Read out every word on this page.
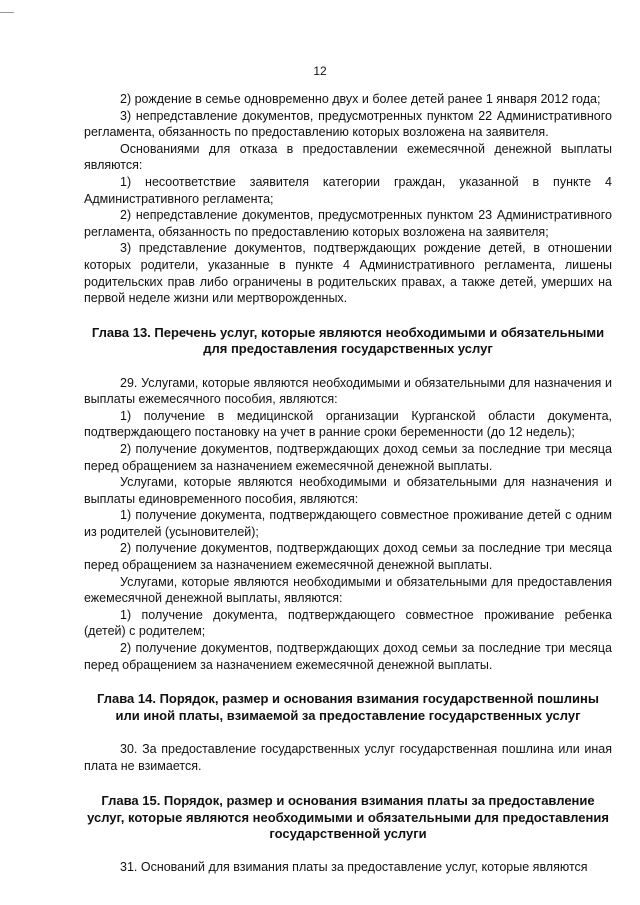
12

2) рождение в семье одновременно двух и более детей ранее 1 января 2012 года;

3) непредставление документов, предусмотренных пунктом 22 Административного регламента, обязанность по предоставлению которых возложена на заявителя.

Основаниями для отказа в предоставлении ежемесячной денежной выплаты являются:

1) несоответствие заявителя категории граждан, указанной в пункте 4 Административного регламента;

2) непредставление документов, предусмотренных пунктом 23 Административного регламента, обязанность по предоставлению которых возложена на заявителя;

3) представление документов, подтверждающих рождение детей, в отношении которых родители, указанные в пункте 4 Административного регламента, лишены родительских прав либо ограничены в родительских правах, а также детей, умерших на первой неделе жизни или мертворожденных.

Глава 13. Перечень услуг, которые являются необходимыми и обязательными для предоставления государственных услуг

29. Услугами, которые являются необходимыми и обязательными для назначения и выплаты ежемесячного пособия, являются:

1) получение в медицинской организации Курганской области документа, подтверждающего постановку на учет в ранние сроки беременности (до 12 недель);

2) получение документов, подтверждающих доход семьи за последние три месяца перед обращением за назначением ежемесячной денежной выплаты.

Услугами, которые являются необходимыми и обязательными для назначения и выплаты единовременного пособия, являются:

1) получение документа, подтверждающего совместное проживание детей с одним из родителей (усыновителей);

2) получение документов, подтверждающих доход семьи за последние три месяца перед обращением за назначением ежемесячной денежной выплаты.

Услугами, которые являются необходимыми и обязательными для предоставления ежемесячной денежной выплаты, являются:

1) получение документа, подтверждающего совместное проживание ребенка (детей) с родителем;

2) получение документов, подтверждающих доход семьи за последние три месяца перед обращением за назначением ежемесячной денежной выплаты.

Глава 14. Порядок, размер и основания взимания государственной пошлины или иной платы, взимаемой за предоставление государственных услуг

30. За предоставление государственных услуг государственная пошлина или иная плата не взимается.

Глава 15. Порядок, размер и основания взимания платы за предоставление услуг, которые являются необходимыми и обязательными для предоставления государственной услуги

31. Оснований для взимания платы за предоставление услуг, которые являются
